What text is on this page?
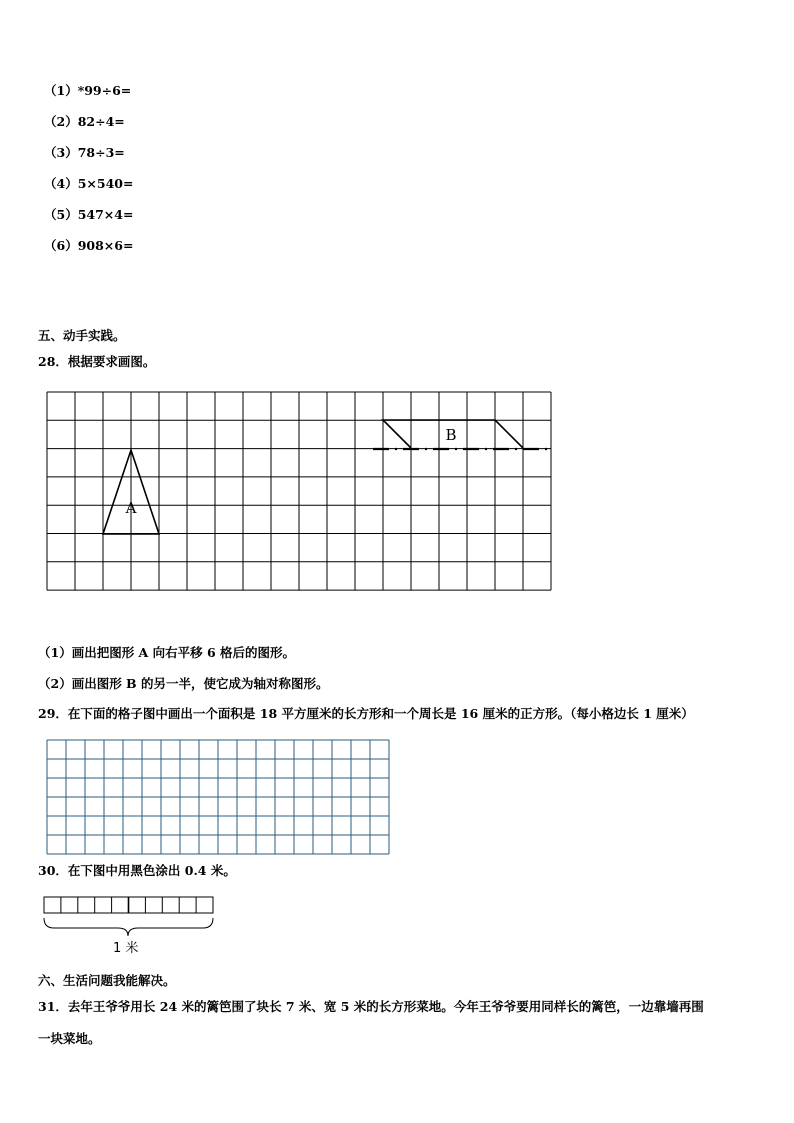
（1）*99÷6=
（2）82÷4=
（3）78÷3=
（4）5×540=
（5）547×4=
（6）908×6=
五、动手实践。
28．根据要求画图。
A
B
（1）画出把图形 A 向右平移 6 格后的图形。
（2）画出图形 B 的另一半，使它成为轴对称图形。
29．在下面的格子图中画出一个面积是 18 平方厘米的长方形和一个周长是 16 厘米的正方形。（每小格边长 1 厘米）
30．在下图中用黑色涂出 0.4 米。
1 米
六、生活问题我能解决。
31．去年王爷爷用长 24 米的篱笆围了块长 7 米、宽 5 米的长方形菜地。今年王爷爷要用同样长的篱笆，一边靠墙再围
一块菜地。
